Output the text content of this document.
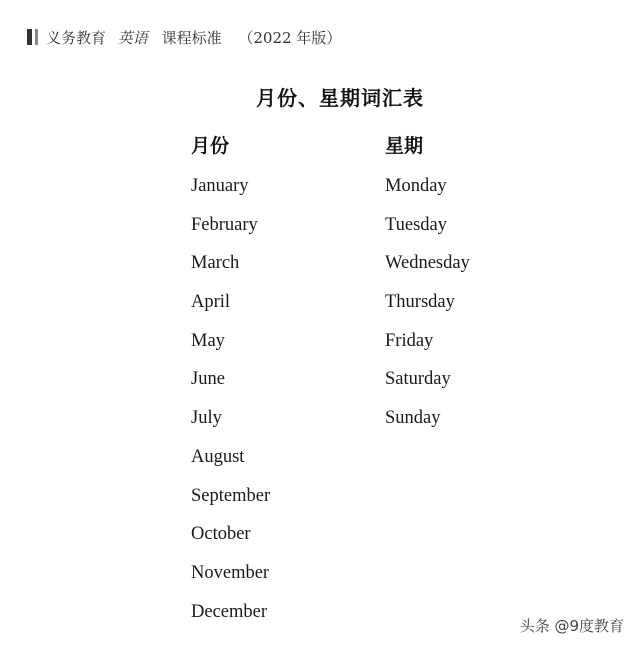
义务教育 英语 课程标准 （2022 年版）
月份、星期词汇表
月份
January
February
March
April
May
June
July
August
September
October
November
December
星期
Monday
Tuesday
Wednesday
Thursday
Friday
Saturday
Sunday
头条 @9度教育
